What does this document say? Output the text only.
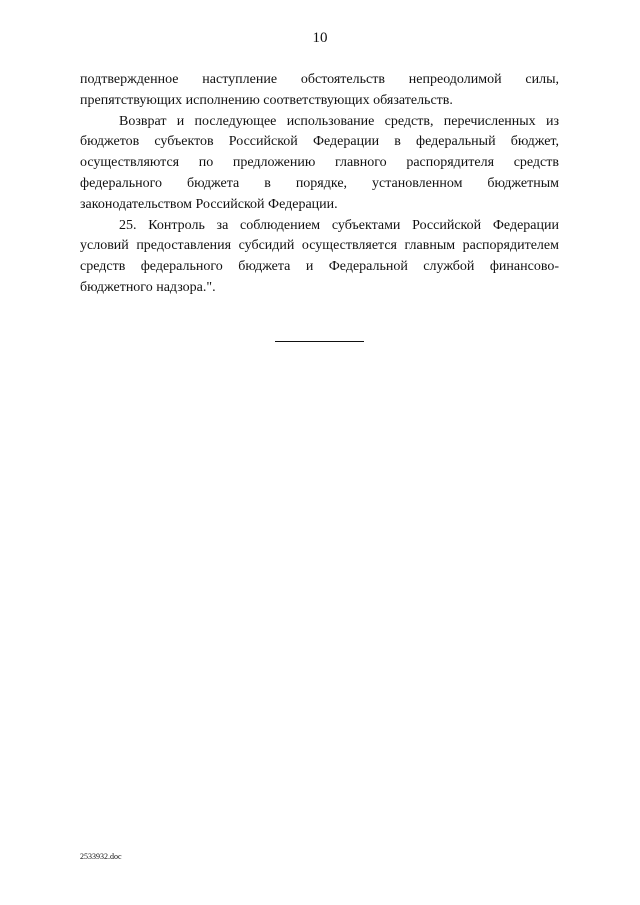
10

подтвержденное наступление обстоятельств непреодолимой силы, препятствующих исполнению соответствующих обязательств.

Возврат и последующее использование средств, перечисленных из бюджетов субъектов Российской Федерации в федеральный бюджет, осуществляются по предложению главного распорядителя средств федерального бюджета в порядке, установленном бюджетным законодательством Российской Федерации.

25. Контроль за соблюдением субъектами Российской Федерации условий предоставления субсидий осуществляется главным распорядителем средств федерального бюджета и Федеральной службой финансово-бюджетного надзора.".

2533932.doc
